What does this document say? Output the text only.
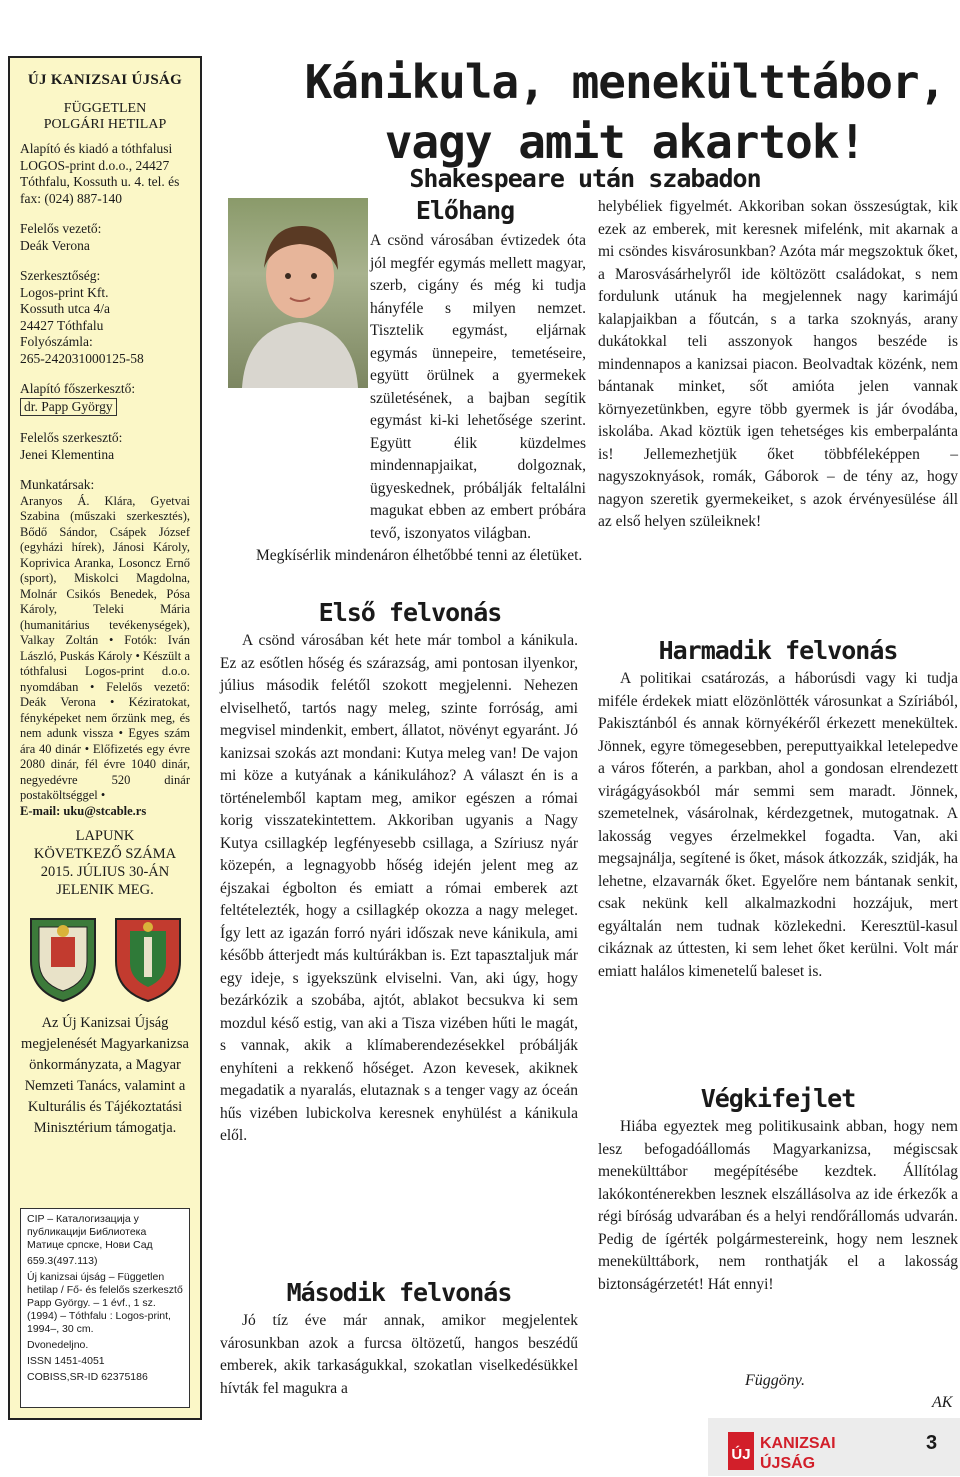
ÚJ KANIZSAI ÚJSÁG
FÜGGETLEN
POLGÁRI HETILAP

Alapító és kiadó a tóthfalusi LOGOS-print d.o.o., 24427 Tóthfalu, Kossuth u. 4. tel. és fax: (024) 887-140

Felelős vezető:

Deák Verona

Szerkesztőség:

Logos-print Kft.

Kossuth utca 4/a

24427 Tóthfalu

Folyószámla:

265-242031000125-58

Alapító főszerkesztő:

dr. Papp György

Felelős szerkesztő:

Jenei Klementina

Munkatársak:

Aranyos Á. Klára, Gyetvai Szabina (műszaki szerkesztés), Bődő Sándor, Csápek József (egyházi hírek), Jánosi Károly, Koprivica Aranka, Losoncz Ernő (sport), Miskolci Magdolna, Molnár Csikós Benedek, Pósa Károly, Teleki Mária (humanitárius tevékenységek), Valkay Zoltán • Fotók: Iván László, Puskás Károly • Készült a tóthfalusi Logos-print d.o.o. nyomdában • Felelős vezető: Deák Verona • Kéziratokat, fényképeket nem őrzünk meg, és nem adunk vissza • Egyes szám ára 40 dinár • Előfizetés egy évre 2080 dinár, fél évre 1040 dinár, negyedévre 520 dinár postaköltséggel •

E-mail: uku@stcable.rs

LAPUNK
KÖVETKEZŐ SZÁMA
2015. JÚLIUS 30-ÁN
JELENIK MEG.
Az Új Kanizsai Újság megjelenését Magyarkanizsa önkormányzata, a Magyar Nemzeti Tanács, valamint a Kulturális és Tájékoztatási Minisztérium támogatja.

CIP – Каталогизација у публикацији Библиотека Матице српске, Нови Сад

659.3(497.113)

Új kanizsai újság – Független hetilap / Fő- és felelős szerkesztő Papp György. – 1 évf., 1 sz. (1994) – Tóthfalu : Logos-print, 1994–, 30 cm.

Dvonedeljno.

ISSN 1451-4051

COBISS,SR-ID 62375186

Kánikula, menekülttábor, vagy amit akartok!
Shakespeare után szabadon
Előhang

A csönd városában évtizedek óta jól megfér egymás mellett magyar, szerb, cigány és még ki tudja hányféle s milyen nemzet. Tisztelik egymást, eljárnak egymás ünnepeire, temetéseire, együtt örülnek a gyermekek születésének, a bajban segítik egymást ki-ki lehetősége szerint. Együtt élik küzdelmes mindennapjaikat, dolgoznak, ügyeskednek, próbálják feltalálni magukat ebben az embert próbára tevő, iszonyatos világban.

Megkísérlik mindenáron élhetőbbé tenni az életüket.

Első felvonás

A csönd városában két hete már tombol a kánikula. Ez az esőtlen hőség és szárazság, ami pontosan ilyenkor, július második felétől szokott megjelenni. Nehezen elviselhető, tartós nagy meleg, szinte forróság, ami megvisel mindenkit, embert, állatot, növényt egyaránt. Jó kanizsai szokás azt mondani: Kutya meleg van! De vajon mi köze a kutyának a kánikulához? A választ én is a történelemből kaptam meg, amikor egészen a római korig visszatekintettem. Akkoriban ugyanis a Nagy Kutya csillagkép legfényesebb csillaga, a Szíriusz nyár közepén, a legnagyobb hőség idején jelent meg az éjszakai égbolton és emiatt a római emberek azt feltételezték, hogy a csillagkép okozza a nagy meleget. Így lett az igazán forró nyári időszak neve kánikula, ami később átterjedt más kultúrákban is. Ezt tapasztaljuk már egy ideje, s igyekszünk elviselni. Van, aki úgy, hogy bezárkózik a szobába, ajtót, ablakot becsukva ki sem mozdul késő estig, van aki a Tisza vizében hűti le magát, s vannak, akik a klímaberendezésekkel próbálják enyhíteni a rekkenő hőséget. Azon kevesek, akiknek megadatik a nyaralás, elutaznak s a tenger vagy az óceán hűs vizében lubickolva keresnek enyhülést a kánikula elől.

Második felvonás

Jó tíz éve már annak, amikor megjelentek városunkban azok a furcsa öltözetű, hangos beszédű emberek, akik tarkaságukkal, szokatlan viselkedésükkel hívták fel magukra a

helybéliek figyelmét. Akkoriban sokan összesúgtak, kik ezek az emberek, mit keresnek mifelénk, mit akarnak a mi csöndes kisvárosunkban? Azóta már megszoktuk őket, a Marosvásárhelyről ide költözött családokat, s nem fordulunk utánuk ha megjelennek nagy karimájú kalapjaikban a főutcán, s a tarka szoknyás, arany dukátokkal teli asszonyok hangos beszéde is mindennapos a kanizsai piacon. Beolvadtak közénk, nem bántanak minket, sőt amióta jelen vannak környezetünkben, egyre több gyermek is jár óvodába, iskolába. Akad köztük igen tehetséges kis emberpalánta is! Jellemezhetjük őket többféleképpen – nagyszoknyások, romák, Gáborok – de tény az, hogy nagyon szeretik gyermekeiket, s azok érvényesülése áll az első helyen szüleiknek!

Harmadik felvonás

A politikai csatározás, a háborúsdi vagy ki tudja miféle érdekek miatt elözönlötték városunkat a Szíriából, Pakisztánból és annak környékéről érkezett menekültek. Jönnek, egyre tömegesebben, pereputtyaikkal letelepedve a város főterén, a parkban, ahol a gondosan elrendezett virágágyásokból már semmi sem maradt. Jönnek, szemetelnek, vásárolnak, kérdezgetnek, mutogatnak. A lakosság vegyes érzelmekkel fogadta. Van, aki megsajnálja, segítené is őket, mások átkozzák, szidják, ha lehetne, elzavarnák őket. Egyelőre nem bántanak senkit, csak nekünk kell alkalmazkodni hozzájuk, mert egyáltalán nem tudnak közlekedni. Keresztül-kasul cikáznak az úttesten, ki sem lehet őket kerülni. Volt már emiatt halálos kimenetelű baleset is.

Végkifejlet

Hiába egyeztek meg politikusaink abban, hogy nem lesz befogadóállomás Magyarkanizsa, mégiscsak menekülttábor megépítésébe kezdtek. Állítólag lakókonténerekben lesznek elszállásolva az ide érkezők a régi bíróság udvarában és a helyi rendőrállomás udvarán. Pedig de ígérték polgármestereink, hogy nem lesznek menekülttábork, nem ronthatják el a lakosság biztonságérzetét! Hát ennyi!

Függöny.
AK
ÚJ
KANIZSAI
ÚJSÁG
3
